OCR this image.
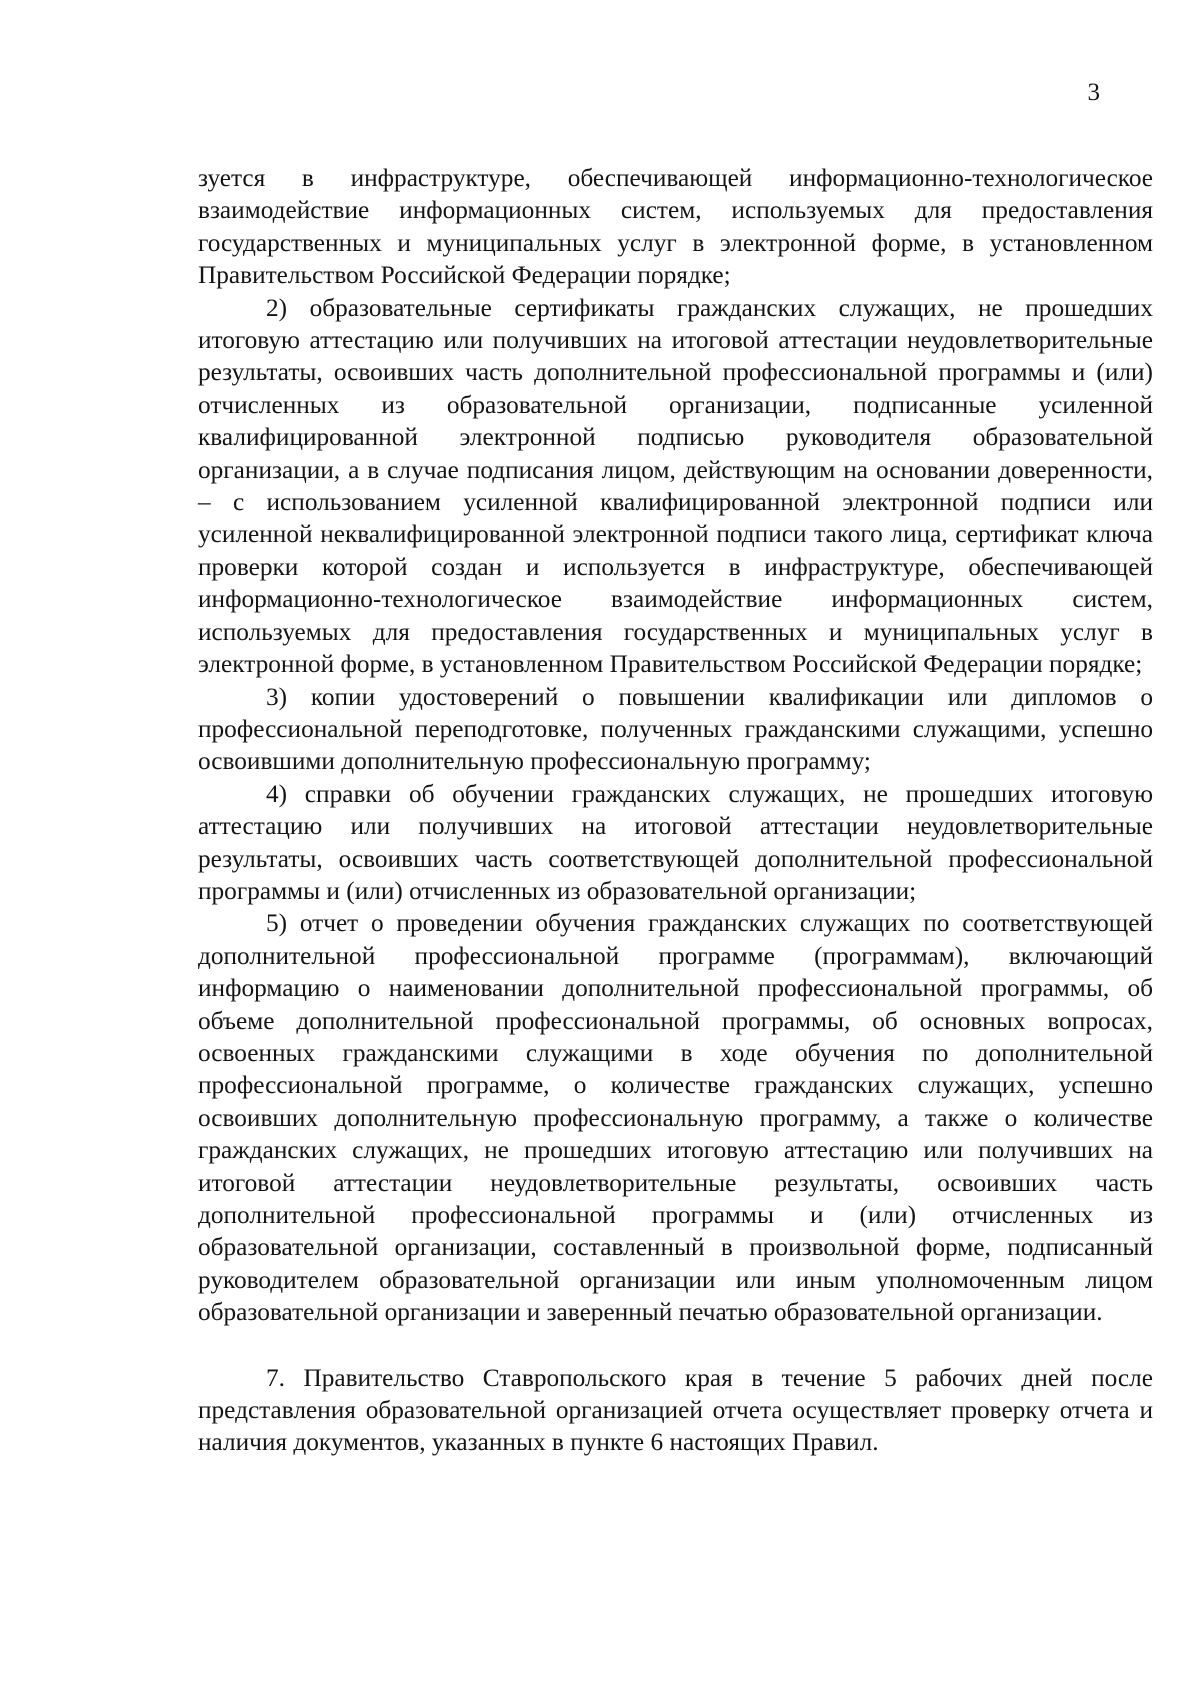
3

зуется в инфраструктуре, обеспечивающей информационно-технологическое взаимодействие информационных систем, используемых для предоставления государственных и муниципальных услуг в электронной форме, в установленном Правительством Российской Федерации порядке;

2) образовательные сертификаты гражданских служащих, не прошедших итоговую аттестацию или получивших на итоговой аттестации неудовлетворительные результаты, освоивших часть дополнительной профессиональной программы и (или) отчисленных из образовательной организации, подписанные усиленной квалифицированной электронной подписью руководителя образовательной организации, а в случае подписания лицом, действующим на основании доверенности, – с использованием усиленной квалифицированной электронной подписи или усиленной неквалифицированной электронной подписи такого лица, сертификат ключа проверки которой создан и используется в инфраструктуре, обеспечивающей информационно-технологическое взаимодействие информационных систем, используемых для предоставления государственных и муниципальных услуг в электронной форме, в установленном Правительством Российской Федерации порядке;

3) копии удостоверений о повышении квалификации или дипломов о профессиональной переподготовке, полученных гражданскими служащими, успешно освоившими дополнительную профессиональную программу;

4) справки об обучении гражданских служащих, не прошедших итоговую аттестацию или получивших на итоговой аттестации неудовлетворительные результаты, освоивших часть соответствующей дополнительной профессиональной программы и (или) отчисленных из образовательной организации;

5) отчет о проведении обучения гражданских служащих по соответствующей дополнительной профессиональной программе (программам), включающий информацию о наименовании дополнительной профессиональной программы, об объеме дополнительной профессиональной программы, об основных вопросах, освоенных гражданскими служащими в ходе обучения по дополнительной профессиональной программе, о количестве гражданских служащих, успешно освоивших дополнительную профессиональную программу, а также о количестве гражданских служащих, не прошедших итоговую аттестацию или получивших на итоговой аттестации неудовлетворительные результаты, освоивших часть дополнительной профессиональной программы и (или) отчисленных из образовательной организации, составленный в произвольной форме, подписанный руководителем образовательной организации или иным уполномоченным лицом образовательной организации и заверенный печатью образовательной организации.

7. Правительство Ставропольского края в течение 5 рабочих дней после представления образовательной организацией отчета осуществляет проверку отчета и наличия документов, указанных в пункте 6 настоящих Правил.
